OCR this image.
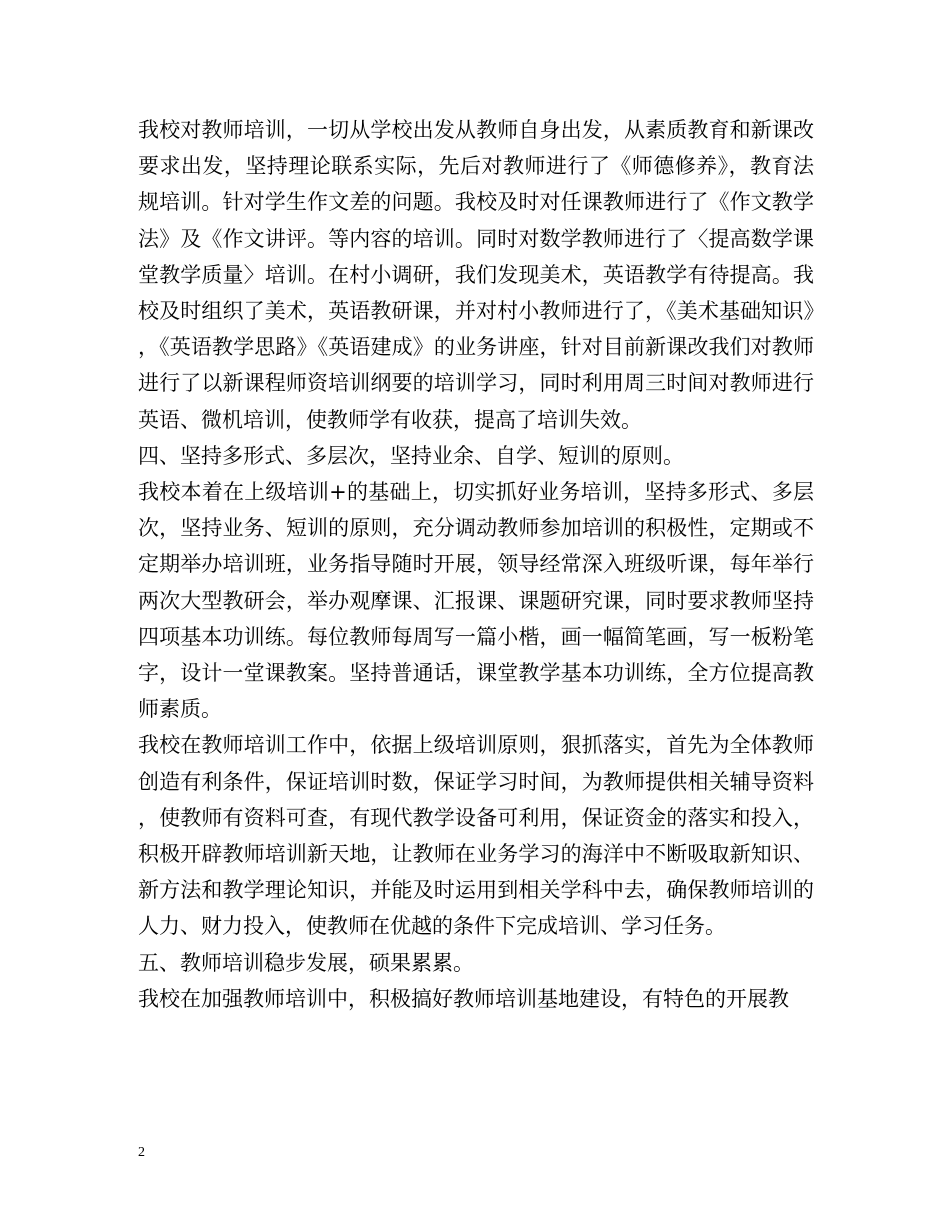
我校对教师培训，一切从学校出发从教师自身出发，从素质教育和新课改要求出发，坚持理论联系实际，先后对教师进行了《师德修养》，教育法规培训。针对学生作文差的问题。我校及时对任课教师进行了《作文教学法》及《作文讲评。等内容的培训。同时对数学教师进行了〈提高数学课堂教学质量〉培训。在村小调研，我们发现美术，英语教学有待提高。我校及时组织了美术，英语教研课，并对村小教师进行了，《美术基础知识》，《英语教学思路》《英语建成》的业务讲座，针对目前新课改我们对教师进行了以新课程师资培训纲要的培训学习，同时利用周三时间对教师进行英语、微机培训，使教师学有收获，提高了培训失效。

四、坚持多形式、多层次，坚持业余、自学、短训的原则。

我校本着在上级培训+的基础上，切实抓好业务培训，坚持多形式、多层次，坚持业务、短训的原则，充分调动教师参加培训的积极性，定期或不定期举办培训班，业务指导随时开展，领导经常深入班级听课，每年举行两次大型教研会，举办观摩课、汇报课、课题研究课，同时要求教师坚持四项基本功训练。每位教师每周写一篇小楷，画一幅简笔画，写一板粉笔字，设计一堂课教案。坚持普通话，课堂教学基本功训练，全方位提高教师素质。

我校在教师培训工作中，依据上级培训原则，狠抓落实，首先为全体教师创造有利条件，保证培训时数，保证学习时间，为教师提供相关辅导资料，使教师有资料可查，有现代教学设备可利用，保证资金的落实和投入，积极开辟教师培训新天地，让教师在业务学习的海洋中不断吸取新知识、新方法和教学理论知识，并能及时运用到相关学科中去，确保教师培训的人力、财力投入，使教师在优越的条件下完成培训、学习任务。

五、教师培训稳步发展，硕果累累。

我校在加强教师培训中，积极搞好教师培训基地建设，有特色的开展教

2
